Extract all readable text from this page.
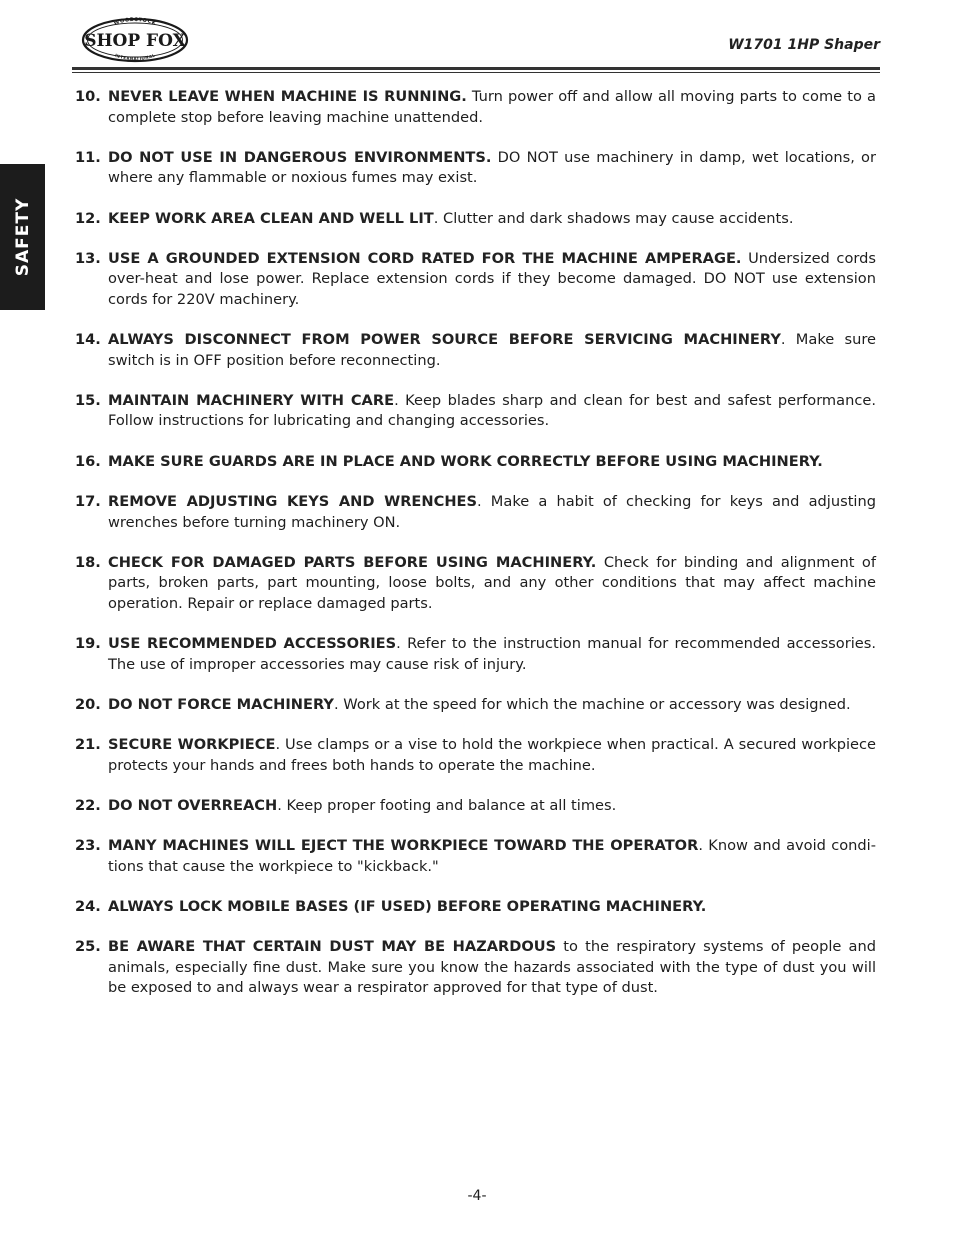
WOODSTOCK
INTERNATIONAL
SHOP FOX	W1701 1HP Shaper
SAFETY
10. NEVER LEAVE WHEN MACHINE IS RUNNING. Turn power off and allow all moving parts to come to a complete stop before leaving machine unattended.
11. DO NOT USE IN DANGEROUS ENVIRONMENTS. DO NOT use machinery in damp, wet locations, or where any flammable or noxious fumes may exist.
12. KEEP WORK AREA CLEAN AND WELL LIT. Clutter and dark shadows may cause accidents.
13. USE A GROUNDED EXTENSION CORD RATED FOR THE MACHINE AMPERAGE. Undersized cords over-heat and lose power. Replace extension cords if they become damaged. DO NOT use extension cords for 220V machinery.
14. ALWAYS DISCONNECT FROM POWER SOURCE BEFORE SERVICING MACHINERY. Make sure switch is in OFF position before reconnecting.
15. MAINTAIN MACHINERY WITH CARE. Keep blades sharp and clean for best and safest performance. Follow instructions for lubricating and changing accessories.
16. MAKE SURE GUARDS ARE IN PLACE AND WORK CORRECTLY BEFORE USING MACHINERY.
17. REMOVE ADJUSTING KEYS AND WRENCHES. Make a habit of checking for keys and adjusting wrenches before turning machinery ON.
18. CHECK FOR DAMAGED PARTS BEFORE USING MACHINERY. Check for binding and alignment of parts, broken parts, part mounting, loose bolts, and any other conditions that may affect machine operation. Repair or replace damaged parts.
19. USE RECOMMENDED ACCESSORIES. Refer to the instruction manual for recommended accessories. The use of improper accessories may cause risk of injury.
20. DO NOT FORCE MACHINERY. Work at the speed for which the machine or accessory was designed.
21. SECURE WORKPIECE. Use clamps or a vise to hold the workpiece when practical. A secured workpiece protects your hands and frees both hands to operate the machine.
22. DO NOT OVERREACH. Keep proper footing and balance at all times.
23. MANY MACHINES WILL EJECT THE WORKPIECE TOWARD THE OPERATOR. Know and avoid condi-tions that cause the workpiece to "kickback."
24. ALWAYS LOCK MOBILE BASES (IF USED) BEFORE OPERATING MACHINERY.
25. BE AWARE THAT CERTAIN DUST MAY BE HAZARDOUS to the respiratory systems of people and animals, especially fine dust. Make sure you know the hazards associated with the type of dust you will be exposed to and always wear a respirator approved for that type of dust.
-4-
